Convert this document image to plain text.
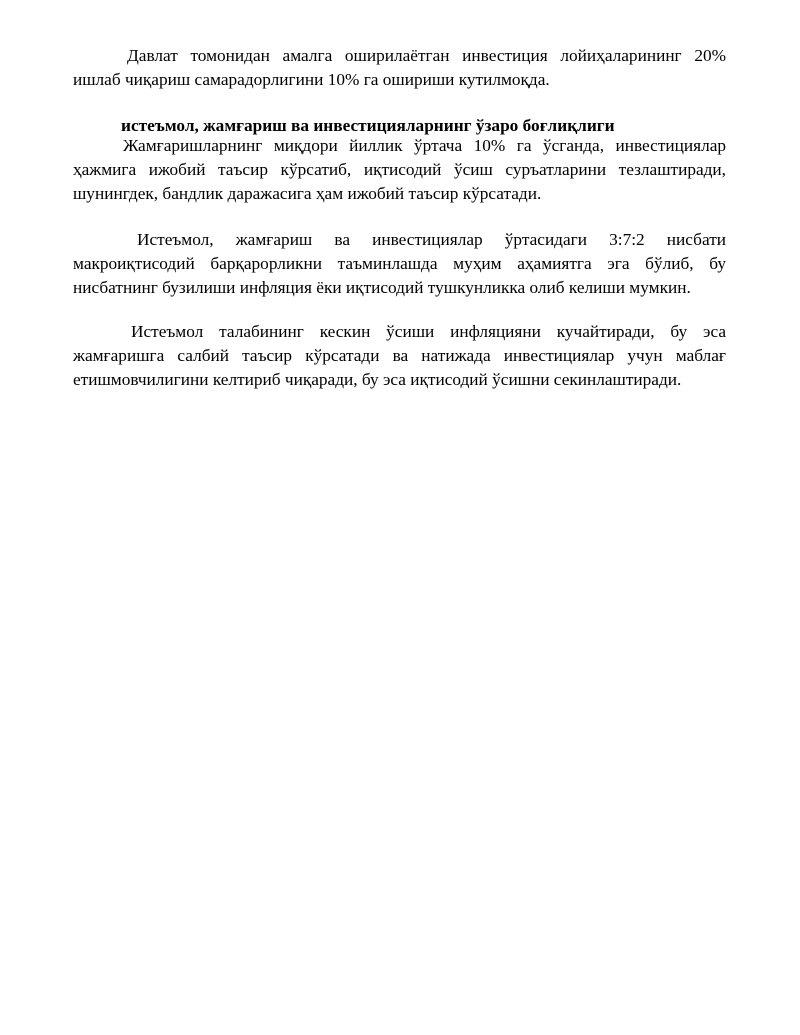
Давлат томонидан амалга оширилаётган инвестиция лойиҳаларининг 20% ишлаб чиқариш самарадорлигини 10% га ошириши кутилмоқда.

истеъмол, жамғариш ва инвестицияларнинг ўзаро боғлиқлиги

Жамғаришларнинг миқдори йиллик ўртача 10% га ўсганда, инвестициялар ҳажмига ижобий таъсир кўрсатиб, иқтисодий ўсиш суръатларини тезлаштиради, шунингдек, бандлик даражасига ҳам ижобий таъсир кўрсатади.

Истеъмол, жамғариш ва инвестициялар ўртасидаги 3:7:2 нисбати макроиқтисодий барқарорликни таъминлашда муҳим аҳамиятга эга бўлиб, бу нисбатнинг бузилиши инфляция ёки иқтисодий тушкунликка олиб келиши мумкин.

Истеъмол талабининг кескин ўсиши инфляцияни кучайтиради, бу эса жамғаришга салбий таъсир кўрсатади ва натижада инвестициялар учун маблағ етишмовчилигини келтириб чиқаради, бу эса иқтисодий ўсишни секинлаштиради.
